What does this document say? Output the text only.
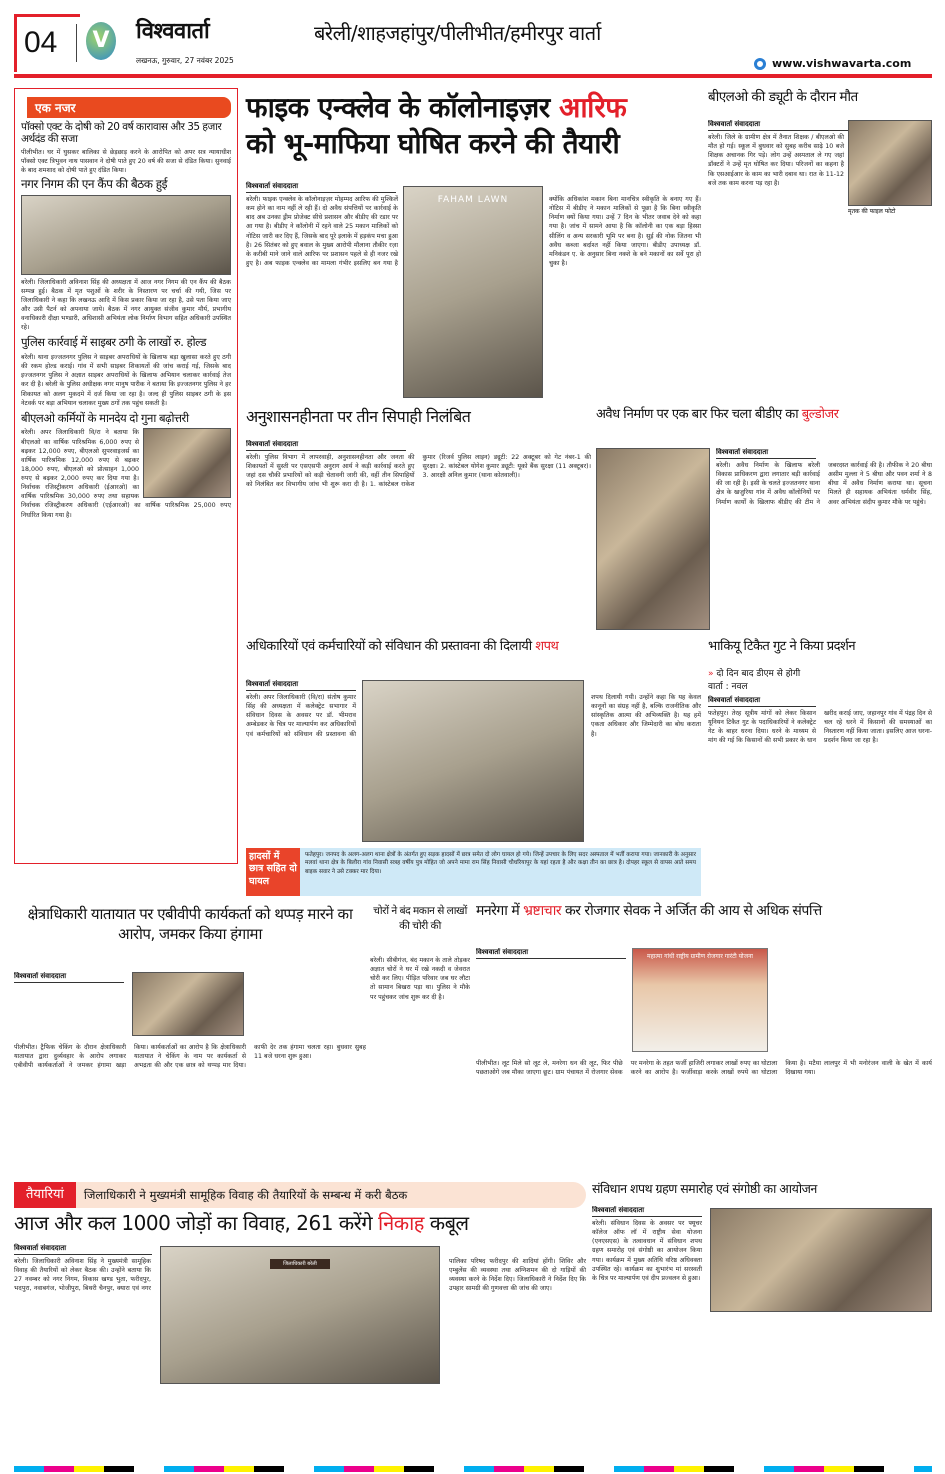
04 V विश्ववार्ता
लखनऊ, गुरुवार, 27 नवंबर 2025
बरेली/शाहजहांपुर/पीलीभीत/हमीरपुर वार्ता
www.vishwavarta.com
एक नजर
पॉक्सो एक्ट के दोषी को 20 वर्ष कारावास और 35 हजार अर्थदंड की सजा
पीलीभीत। घर में घुसकर बालिका से छेड़छाड़ करने के आरोपित को अपर सत्र न्यायाधीश पॉक्सो एक्ट त्रिभुवन नाथ पासवान ने दोषी पाते हुए 20 वर्ष की सजा से दंडित किया। सुनवाई के बाद शमशाद को दोषी पाते हुए दंडित किया।
नगर निगम की एन कैंप की बैठक हुई
बरेली। जिलाधिकारी अविनाश सिंह की अध्यक्षता में आज नगर निगम की एन कैंप की बैठक सम्पन्न हुई। बैठक में मृत पशुओं के शरीर के निस्तारण पर चर्चा की गयी, जिस पर जिलाधिकारी ने कहा कि लखनऊ आदि में किस प्रकार किया जा रहा है, उसे पता किया जाए और उसी पैटर्न को अपनाया जाये। बैठक में नगर आयुक्त संजीव कुमार मौर्य, प्रभागीय वनाधिकारी दीक्षा भण्डारी, अधिशासी अभियंता लोक निर्माण विभाग सहित अधिकारी उपस्थित रहे।
पुलिस कार्रवाई में साइबर ठगी के लाखों रु. होल्ड
बरेली। थाना इज्जतनगर पुलिस ने साइबर अपराधियों के खिलाफ बड़ा खुलासा करते हुए ठगी की रकम होल्ड कराई। गांव में सभी साइबर शिकायतों की जांच कराई गई, जिसके बाद इज्जतनगर पुलिस ने अज्ञात साइबर अपराधियों के खिलाफ अभियान चलाकर कार्रवाई तेज कर दी है। बरेली के पुलिस अधीक्षक नगर मानुष पारीक ने बताया कि इज्जतनगर पुलिस ने हर शिकायत को अलग मुकदमे में दर्ज किया जा रहा है। जल्द ही पुलिस साइबर ठगी के इस नेटवर्क पर बड़ा अभियान चलाकर मुख्य ठगों तक पहुंच सकती है।
बीएलओ कर्मियों के मानदेय दो गुना बढ़ोत्तरी
बरेली। अपर जिलाधिकारी वि/रा ने बताया कि बीएलओ का वार्षिक पारिश्रमिक 6,000 रुपए से बढ़कर 12,000 रुपए, बीएलओ सुपरवाइजर्स का वार्षिक पारिश्रमिक 12,000 रुपए से बढ़कर 18,000 रुपए, बीएलओ को प्रोत्साहन 1,000 रुपए से बढ़कर 2,000 रुपए कर दिया गया है। निर्वाचक रजिस्ट्रीकरण अधिकारी (ईआरओ) का वार्षिक पारिश्रमिक 30,000 रुपए तथा सहायक निर्वाचक रजिस्ट्रीकरण अधिकारी (एईआरओ) का वार्षिक पारिश्रमिक 25,000 रुपए निर्धारित किया गया है।
फाइक एन्क्लेव के कॉलोनाइज़र आरिफ
को भू-माफिया घोषित करने की तैयारी
विश्ववार्ता संवाददाता
FAHAM LAWN
बरेली। फाइक एन्क्लेव के कॉलोनाइज़र मोहम्मद आरिफ की मुश्किलें कम होने का नाम नहीं ले रही हैं। दो अवैध संपत्तियों पर कार्रवाई के बाद अब उनका ड्रीम प्रोजेक्ट सीधे प्रशासन और बीडीए की रडार पर आ गया है। बीडीए ने कॉलोनी में रहने वाले 25 मकान मालिकों को नोटिस जारी कर दिए हैं, जिसके बाद पूरे इलाके में हड़कंप मचा हुआ है। 26 सितंबर को हुए बवाल के मुख्य आरोपी मौलाना तौकीर रज़ा के करीबी माने जाने वाले आरिफ पर प्रशासन पहले से ही नजर रखे हुए है। अब फाइक एन्क्लेव का मामला गंभीर इसलिए बन गया है क्योंकि अधिकांश मकान बिना मानचित्र स्वीकृति के बनाए गए हैं। नोटिस में बीडीए ने मकान मालिकों से पूछा है कि बिना स्वीकृति निर्माण क्यों किया गया। उन्हें 7 दिन के भीतर जवाब देने को कहा गया है। जांच में सामने आया है कि कॉलोनी का एक बड़ा हिस्सा सीलिंग व अन्य सरकारी भूमि पर बना है। सुई की नोक जितना भी अवैध कब्जा बर्दाश्त नहीं किया जाएगा। बीडीए उपाध्यक्ष डॉ. मनिकंडन ए. के अनुसार बिना नक्शे के बने मकानों का सर्वे पूरा हो चुका है।
बीएलओ की ड्यूटी के दौरान मौत
मृतक की फाइल फोटो
विश्ववार्ता संवाददाता
बरेली। जिले के ग्रामीण क्षेत्र में तैनात शिक्षक / बीएलओ की मौत हो गई। स्कूल में बुधवार को सुबह करीब साढ़े 10 बजे शिक्षक अचानक गिर पड़े। लोग उन्हें अस्पताल ले गए जहां डॉक्टरों ने उन्हें मृत घोषित कर दिया। परिजनों का कहना है कि एसआईआर के काम का भारी दबाव था। रात के 11-12 बजे तक काम करना पड़ रहा है।
अनुशासनहीनता पर तीन सिपाही निलंबित
विश्ववार्ता संवाददाता
बरेली। पुलिस विभाग में लापरवाही, अनुशासनहीनता और जनता की शिकायतों में सुस्ती पर एसएसपी अनुराग आर्य ने कड़ी कार्रवाई करते हुए जहां दस चौकी प्रभारियों को कड़ी चेतावनी जारी की, वहीं तीन सिपाहियों को निलंबित कर विभागीय जांच भी शुरू करा दी है। 1. कांस्टेबल राकेश कुमार (रिजर्व पुलिस लाइन) ड्यूटी: 22 अक्टूबर को गेट नंबर-1 की सुरक्षा। 2. कांस्टेबल योगेश कुमार ड्यूटी: यूको बैंक सुरक्षा (11 अक्टूबर)। 3. आरक्षी अनिल कुमार (थाना कोतवाली)।
अवैध निर्माण पर एक बार फिर चला बीडीए का बुल्डोजर
विश्ववार्ता संवाददाता
बरेली। अवैध निर्माण के खिलाफ बरेली विकास प्राधिकरण द्वारा लगातार बड़ी कार्रवाई की जा रही है। इसी के चलते इज्जतनगर थाना क्षेत्र के खजुरिया गांव में अवैध कॉलोनियों पर निर्माण कार्यों के खिलाफ बीडीए की टीम ने जबरदस्त कार्रवाई की है। तौफीक ने 20 बीघा असीम मुल्ला ने 5 बीघा और पवन शर्मा ने 8 बीघा में अवैध निर्माण कराया था। सूचना मिलते ही सहायक अभियंता धर्मवीर सिंह, अवर अभियंता संदीप कुमार मौके पर पहुंचे।
अधिकारियों एवं कर्मचारियों को संविधान की प्रस्तावना की दिलायी शपथ
विश्ववार्ता संवाददाता
बरेली। अपर जिलाधिकारी (वि/रा) संतोष कुमार सिंह की अध्यक्षता में कलेक्ट्रेट सभागार में संविधान दिवस के अवसर पर डॉ. भीमराव अम्बेडकर के चित्र पर माल्यार्पण कर अधिकारियों एवं कर्मचारियों को संविधान की प्रस्तावना की शपथ दिलायी गयी। उन्होंने कहा कि यह केवल कानूनों का संग्रह नहीं है, बल्कि राजनीतिक और सांस्कृतिक आत्मा की अभिव्यक्ति है। यह हमें एकता अधिकार और जिम्मेदारी का बोध कराता है।
भाकियू टिकैत गुट ने किया प्रदर्शन
» दो दिन बाद डीएम से होगी वार्ता : नवल
विश्ववार्ता संवाददाता
फतेहपुर। तेरह सूत्रीय मांगों को लेकर किसान यूनियन टिकैत गुट के पदाधिकारियों ने कलेक्ट्रेट गेट के बाहर धरना दिया। धरने के माध्यम से मांग की गई कि किसानों की सभी प्रकार के धान खरीद कराई जाए, जहानपुर गांव में पंद्रह दिन से चल रहे धरने में किसानों की समस्याओं का निस्तारण नहीं किया जाता। इसलिए आज धरना-प्रदर्शन किया जा रहा है।
हादसों में छात्र सहित दो घायल
फतेहपुर। जनपद के अलग-अलग थाना क्षेत्रों के अंतर्गत हुए सड़क हादसों में छात्र समेत दो लोग घायल हो गये। जिन्हें उपचार के लिए सदर अस्पताल में भर्ती कराया गया। जानकारी के अनुसार मलवां थाना क्षेत्र के बिलौरा गांव निवासी सत्रह वर्षीय पुत्र मोहित जो अपने मामा राम सिंह निवासी चौधरियापुर के यहां रहता है और कक्षा तीन का छात्र है। दोपहर स्कूल से वापस आते समय बाइक सवार ने उसे टक्कर मार दिया।
क्षेत्राधिकारी यातायात पर एबीवीपी कार्यकर्ता को थप्पड़ मारने का आरोप, जमकर किया हंगामा
विश्ववार्ता संवाददाता
पीलीभीत। ट्रैफिक चेकिंग के दौरान क्षेत्राधिकारी यातायात द्वारा दुर्व्यवहार के आरोप लगाकर एबीवीपी कार्यकर्ताओं ने जमकर हंगामा खड़ा किया। कार्यकर्ताओं का आरोप है कि क्षेत्राधिकारी यातायात ने चेकिंग के नाम पर कार्यकर्ता से अभद्रता की और एक छात्र को थप्पड़ मार दिया। काफी देर तक हंगामा चलता रहा। बुधवार सुबह 11 बजे धरना शुरू हुआ।
चोरों ने बंद मकान से लाखों की चोरी की
बरेली। सीबीगंज, बंद मकान के ताले तोड़कर अज्ञात चोरों ने घर में रखे नकदी व जेवरात चोरी कर लिए। पीड़ित परिवार जब घर लौटा तो सामान बिखरा पड़ा था। पुलिस ने मौके पर पहुंचकर जांच शुरू कर दी है।
मनरेगा में भ्रष्टाचार कर रोजगार सेवक ने अर्जित की आय से अधिक संपत्ति
विश्ववार्ता संवाददाता
महात्मा गांधी राष्ट्रीय ग्रामीण रोजगार गारंटी योजना
पीलीभीत। लूट मिले सो लूट ले, मनरेगा धन की लूट, फिर पीछे पछताओगे जब मौका जाएगा छूट। ग्राम पंचायत में रोजगार सेवक पर मनरेगा के तहत फर्जी हाजिरी लगाकर लाखों रुपए का घोटाला करने का आरोप है। फर्जीवाड़ा करके लाखों रुपये का घोटाला किया है। मटैया लालपुर में भी मनोरंजन वाली के खेत में कार्य दिखाया गया।
तैयारियां	जिलाधिकारी ने मुख्यमंत्री सामूहिक विवाह की तैयारियों के सम्बन्ध में करी बैठक
आज और कल 1000 जोड़ों का विवाह, 261 करेंगे निकाह कबूल
विश्ववार्ता संवाददाता
जिलाधिकारी बरेली
बरेली। जिलाधिकारी अविनाश सिंह ने मुख्यमंत्री सामूहिक विवाह की तैयारियों को लेकर बैठक की। उन्होंने बताया कि 27 नवम्बर को नगर निगम, विकास खण्ड भुता, फरीदपुर, भदपुरा, नवाबगंज, भोजीपुरा, बिथरी चैनपुर, क्यारा एवं नगर पालिका परिषद फरीदपुर की शादियां होंगी। शिविर और एम्बुलेंस की व्यवस्था तथा अग्निशमन की दो गाड़ियों की व्यवस्था करने के निर्देश दिए। जिलाधिकारी ने निर्देश दिए कि उपहार सामग्री की गुणवत्ता की जांच की जाए।
संविधान शपथ ग्रहण समारोह एवं संगोष्ठी का आयोजन
विश्ववार्ता संवाददाता
बरेली। संविधान दिवस के अवसर पर फ्यूचर कॉलेज ऑफ लॉ में राष्ट्रीय सेवा योजना (एनएसएस) के तत्वावधान में संविधान शपथ ग्रहण समारोह एवं संगोष्ठी का आयोजन किया गया। कार्यक्रम में मुख्य अतिथि वरिष्ठ अधिवक्ता उपस्थित रहे। कार्यक्रम का शुभारंभ मां सरस्वती के चित्र पर माल्यार्पण एवं दीप प्रज्वलन से हुआ।
